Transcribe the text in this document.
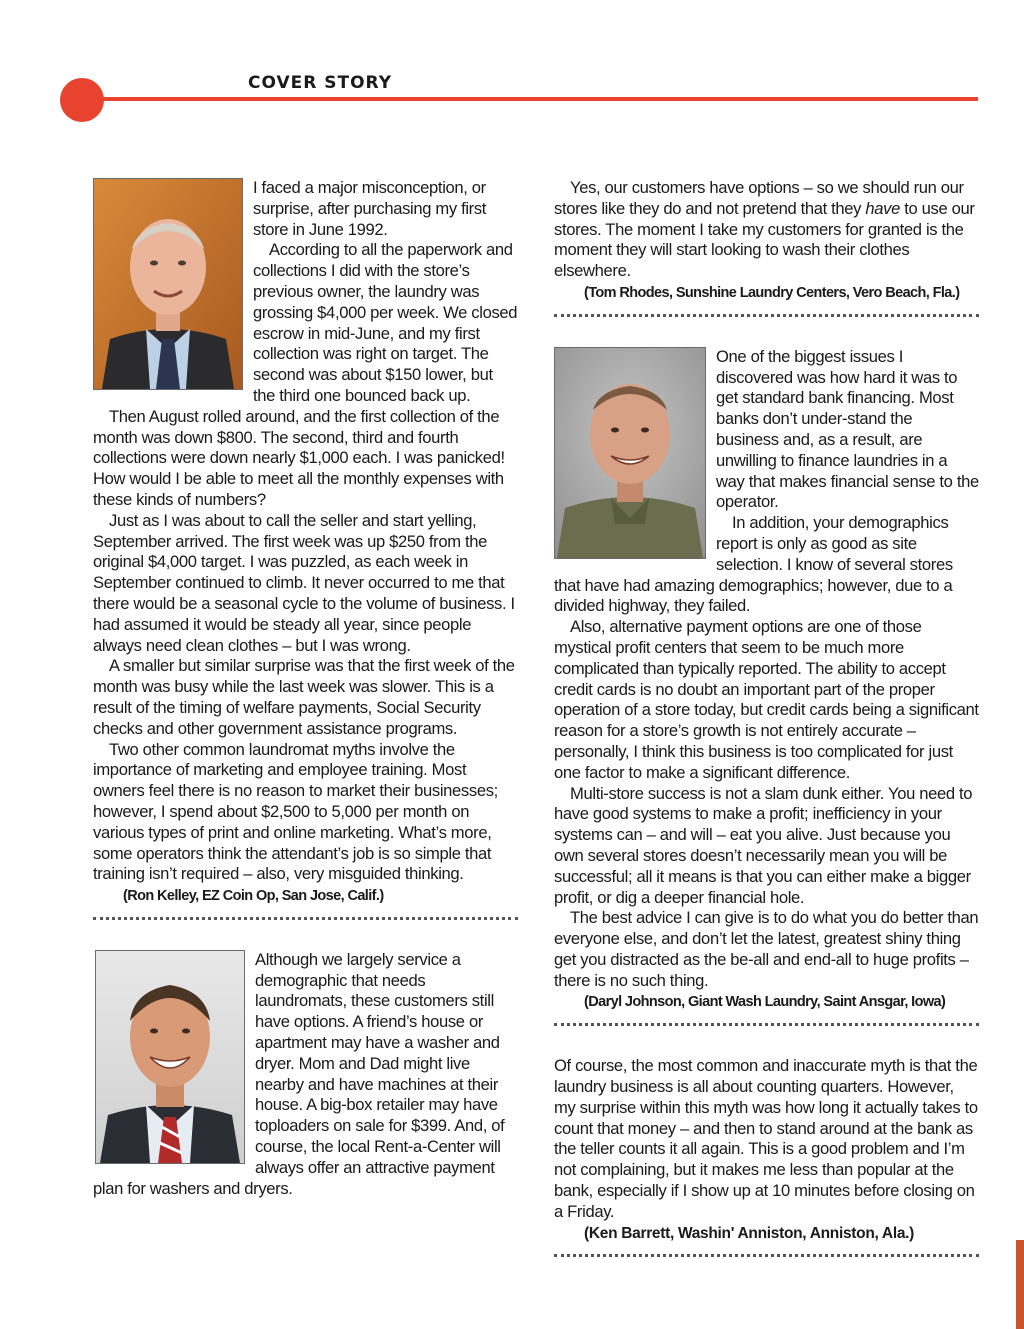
COVER STORY

I faced a major misconception, or surprise, after purchasing my first store in June 1992.

According to all the paperwork and collections I did with the store’s previous owner, the laundry was grossing $4,000 per week. We closed escrow in mid-June, and my first collection was right on target. The second was about $150 lower, but the third one bounced back up.

Then August rolled around, and the first collection of the month was down $800. The second, third and fourth collections were down nearly $1,000 each. I was panicked! How would I be able to meet all the monthly expenses with these kinds of numbers?

Just as I was about to call the seller and start yelling, September arrived. The first week was up $250 from the original $4,000 target. I was puzzled, as each week in September continued to climb. It never occurred to me that there would be a seasonal cycle to the volume of business. I had assumed it would be steady all year, since people always need clean clothes – but I was wrong.

A smaller but similar surprise was that the first week of the month was busy while the last week was slower. This is a result of the timing of welfare payments, Social Security checks and other government assistance programs.

Two other common laundromat myths involve the importance of marketing and employee training. Most owners feel there is no reason to market their businesses; however, I spend about $2,500 to 5,000 per month on various types of print and online marketing. What’s more, some operators think the attendant’s job is so simple that training isn’t required – also, very misguided thinking.

(Ron Kelley, EZ Coin Op, San Jose, Calif.)

Although we largely service a demographic that needs laundromats, these customers still have options. A friend’s house or apartment may have a washer and dryer. Mom and Dad might live nearby and have machines at their house. A big-box retailer may have toploaders on sale for $399. And, of course, the local Rent-a-Center will always offer an attractive payment plan for washers and dryers.

Yes, our customers have options – so we should run our stores like they do and not pretend that they have to use our stores. The moment I take my customers for granted is the moment they will start looking to wash their clothes elsewhere.

(Tom Rhodes, Sunshine Laundry Centers, Vero Beach, Fla.)

One of the biggest issues I discovered was how hard it was to get standard bank financing. Most banks don’t under-stand the business and, as a result, are unwilling to finance laundries in a way that makes financial sense to the operator.

In addition, your demographics report is only as good as site selection. I know of several stores that have had amazing demographics; however, due to a divided highway, they failed.

Also, alternative payment options are one of those mystical profit centers that seem to be much more complicated than typically reported. The ability to accept credit cards is no doubt an important part of the proper operation of a store today, but credit cards being a significant reason for a store’s growth is not entirely accurate – personally, I think this business is too complicated for just one factor to make a significant difference.

Multi-store success is not a slam dunk either. You need to have good systems to make a profit; inefficiency in your systems can – and will – eat you alive. Just because you own several stores doesn’t necessarily mean you will be successful; all it means is that you can either make a bigger profit, or dig a deeper financial hole.

The best advice I can give is to do what you do better than everyone else, and don’t let the latest, greatest shiny thing get you distracted as the be-all and end-all to huge profits – there is no such thing.

(Daryl Johnson, Giant Wash Laundry, Saint Ansgar, Iowa)

Of course, the most common and inaccurate myth is that the laundry business is all about counting quarters. However, my surprise within this myth was how long it actually takes to count that money – and then to stand around at the bank as the teller counts it all again. This is a good problem and I’m not complaining, but it makes me less than popular at the bank, especially if I show up at 10 minutes before closing on a Friday.

(Ken Barrett, Washin' Anniston, Anniston, Ala.)
